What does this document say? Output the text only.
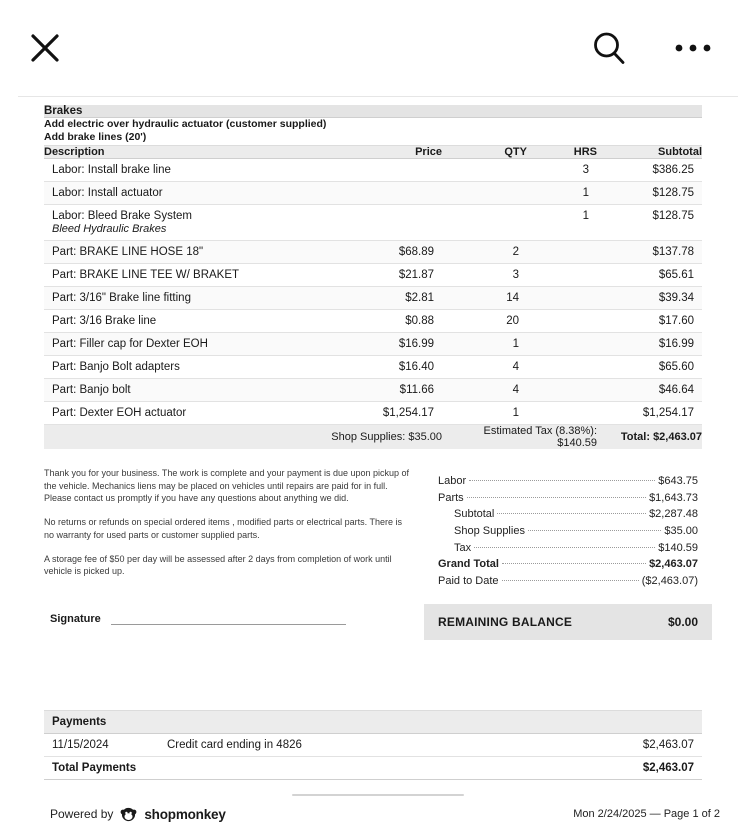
Brakes				

Add electric over hydraulic actuator (customer supplied)
Add brake lines (20')				

Description	Price	QTY	HRS	Subtotal
Labor: Install brake line			3	$386.25
Labor: Install actuator			1	$128.75
Labor: Bleed Brake System
Bleed Hydraulic Brakes			1	$128.75
Part: BRAKE LINE HOSE 18"	$68.89	2		$137.78
Part: BRAKE LINE TEE W/ BRAKET	$21.87	3		$65.61
Part: 3/16" Brake line fitting	$2.81	14		$39.34
Part: 3/16 Brake line	$0.88	20		$17.60
Part: Filler cap for Dexter EOH	$16.99	1		$16.99
Part: Banjo Bolt adapters	$16.40	4		$65.60
Part: Banjo bolt	$11.66	4		$46.64
Part: Dexter EOH actuator	$1,254.17	1		$1,254.17
Shop Supplies: $35.00		Estimated Tax (8.38%): $140.59		Total: $2,463.07

Thank you for your business. The work is complete and your payment is due upon pickup of the vehicle. Mechanics liens may be placed on vehicles until repairs are paid for in full. Please contact us promptly if you have any questions about anything we did.

No returns or refunds on special ordered items , modified parts or electrical parts. There is no warranty for used parts or customer supplied parts.

A storage fee of $50 per day will be assessed after 2 days from completion of work until vehicle is picked up.

Signature
Labor	$643.75
Parts	$1,643.73
Subtotal	$2,287.48
Shop Supplies	$35.00
Tax	$140.59
Grand Total	$2,463.07
Paid to Date	($2,463.07)
REMAINING BALANCE	$0.00
Payments		
11/15/2024	Credit card ending in 4826	$2,463.07
Total Payments		$2,463.07
Powered by shopmonkey	Mon 2/24/2025 — Page 1 of 2
